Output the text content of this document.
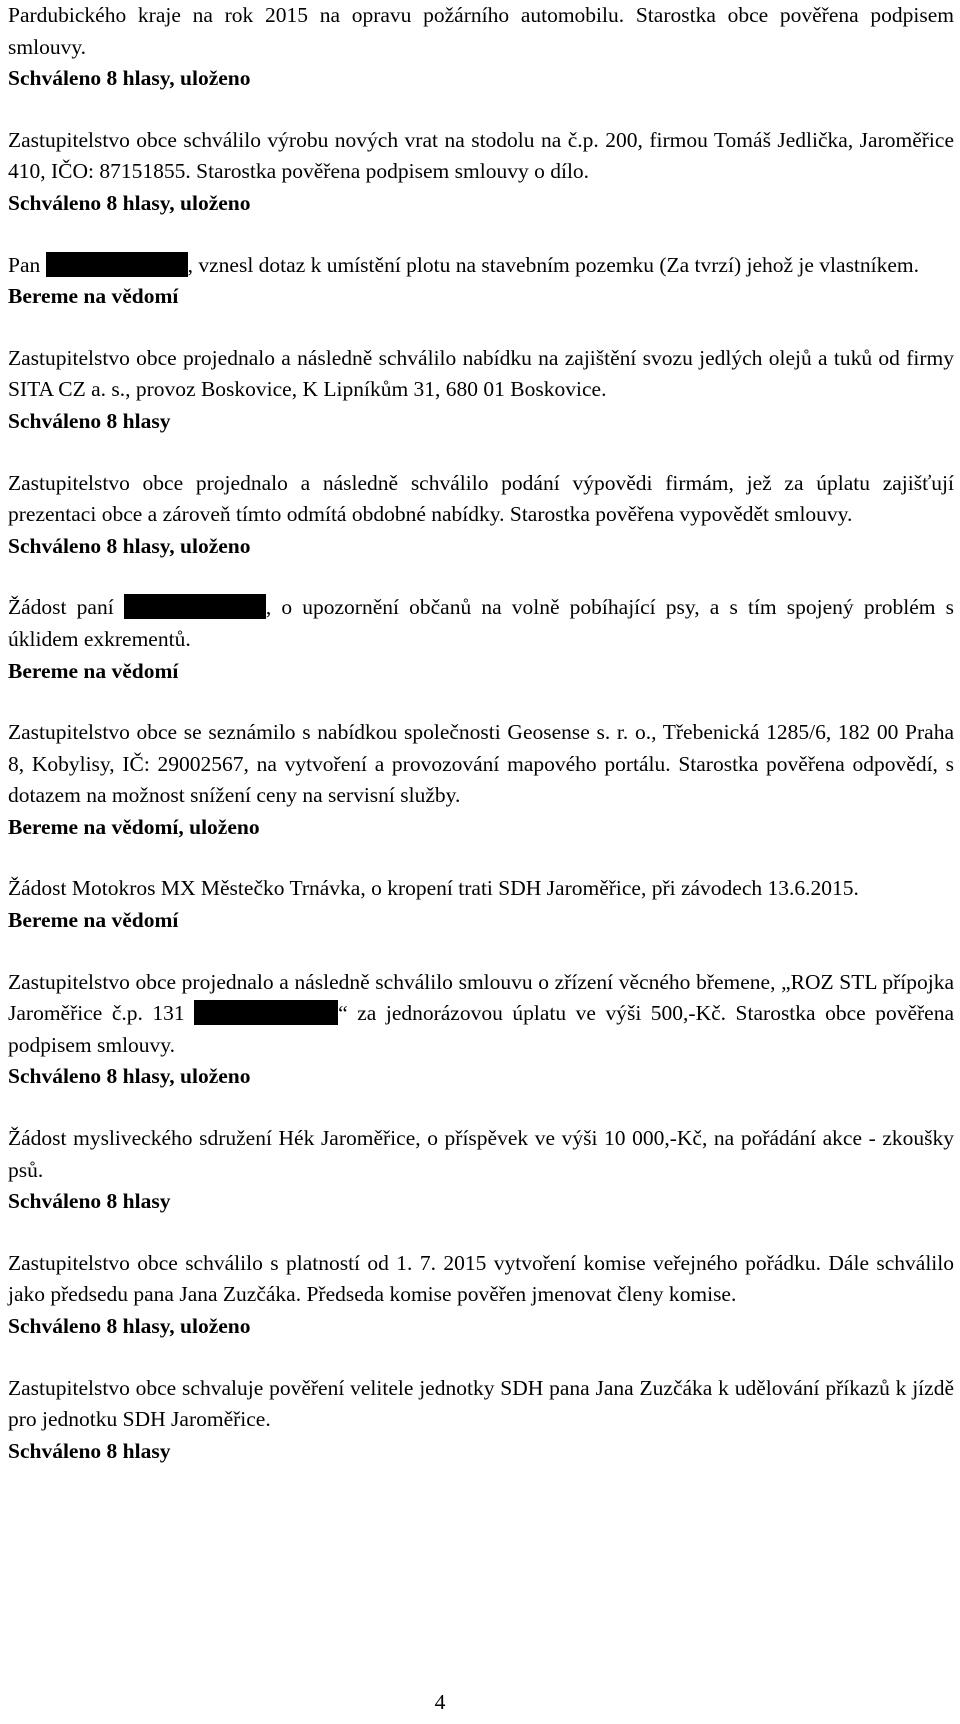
Pardubického kraje na rok 2015 na opravu požárního automobilu. Starostka obce pověřena podpisem smlouvy.

Schváleno 8 hlasy, uloženo

Zastupitelstvo obce schválilo výrobu nových vrat na stodolu na č.p. 200, firmou Tomáš Jedlička, Jaroměřice 410, IČO: 87151855. Starostka pověřena podpisem smlouvy o dílo.

Schváleno 8 hlasy, uloženo

Pan	, vznesl dotaz k umístění plotu na stavebním pozemku (Za tvrzí) jehož je vlastníkem.

Bereme na vědomí

Zastupitelstvo obce projednalo a následně schválilo nabídku na zajištění svozu jedlých olejů a tuků od firmy SITA CZ a. s., provoz Boskovice, K Lipníkům 31, 680 01 Boskovice.

Schváleno 8 hlasy

Zastupitelstvo obce projednalo a následně schválilo podání výpovědi firmám, jež za úplatu zajišťují prezentaci obce a zároveň tímto odmítá obdobné nabídky. Starostka pověřena vypovědět smlouvy.

Schváleno 8 hlasy, uloženo

Žádost paní	, o upozornění občanů na volně pobíhající psy, a s tím spojený problém s úklidem exkrementů.

Bereme na vědomí

Zastupitelstvo obce se seznámilo s nabídkou společnosti Geosense s. r. o., Třebenická 1285/6, 182 00 Praha 8, Kobylisy, IČ: 29002567, na vytvoření a provozování mapového portálu. Starostka pověřena odpovědí, s dotazem na možnost snížení ceny na servisní služby.

Bereme na vědomí, uloženo

Žádost Motokros MX Městečko Trnávka, o kropení trati SDH Jaroměřice, při závodech 13.6.2015.

Bereme na vědomí

Zastupitelstvo obce projednalo a následně schválilo smlouvu o zřízení věcného břemene, „ROZ STL přípojka Jaroměřice č.p. 131	“ za jednorázovou úplatu ve výši 500,-Kč. Starostka obce pověřena podpisem smlouvy.

Schváleno 8 hlasy, uloženo

Žádost mysliveckého sdružení Hék Jaroměřice, o příspěvek ve výši 10 000,-Kč, na pořádání akce - zkoušky psů.

Schváleno 8 hlasy

Zastupitelstvo obce schválilo s platností od 1. 7. 2015 vytvoření komise veřejného pořádku. Dále schválilo jako předsedu pana Jana Zuzčáka. Předseda komise pověřen jmenovat členy komise.

Schváleno 8 hlasy, uloženo

Zastupitelstvo obce schvaluje pověření velitele jednotky SDH pana Jana Zuzčáka k udělování příkazů k jízdě pro jednotku SDH Jaroměřice.

Schváleno 8 hlasy

4
